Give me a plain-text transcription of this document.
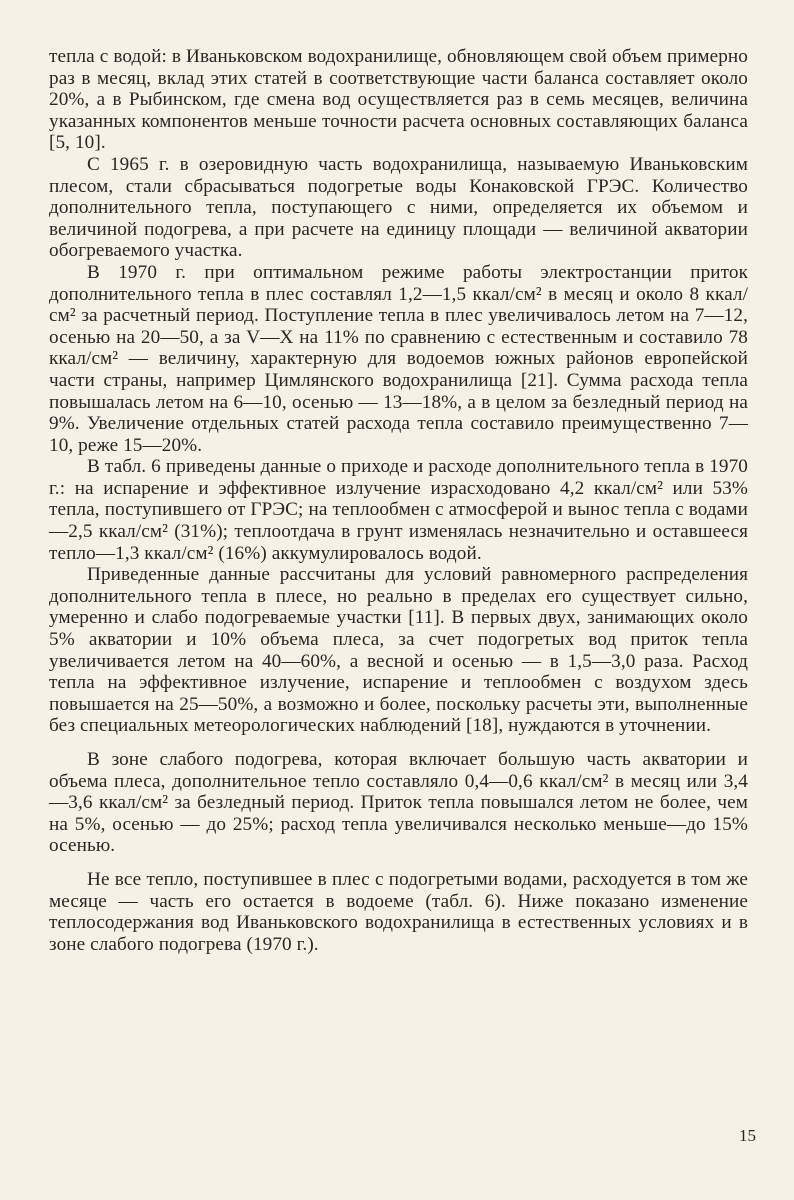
тепла с водой: в Иваньковском водохранилище, обновляющем свой объем примерно раз в месяц, вклад этих статей в соответствующие части баланса составляет около 20%, а в Рыбинском, где смена вод осуществляется раз в семь месяцев, величина указанных компонентов меньше точности расчета основных составляющих баланса [5, 10].

С 1965 г. в озеровидную часть водохранилища, называемую Иваньковским плесом, стали сбрасываться подогретые воды Конаковской ГРЭС. Количество дополнительного тепла, поступающего с ними, определяется их объемом и величиной подогрева, а при расчете на единицу площади — величиной акватории обогреваемого участка.

В 1970 г. при оптимальном режиме работы электростанции приток дополнительного тепла в плес составлял 1,2—1,5 ккал/см² в месяц и около 8 ккал/см² за расчетный период. Поступление тепла в плес увеличивалось летом на 7—12, осенью на 20—50, а за V—X на 11% по сравнению с естественным и составило 78 ккал/см² — величину, характерную для водоемов южных районов европейской части страны, например Цимлянского водохранилища [21]. Сумма расхода тепла повышалась летом на 6—10, осенью — 13—18%, а в целом за безледный период на 9%. Увеличение отдельных статей расхода тепла составило преимущественно 7—10, реже 15—20%.

В табл. 6 приведены данные о приходе и расходе дополнительного тепла в 1970 г.: на испарение и эффективное излучение израсходовано 4,2 ккал/см² или 53% тепла, поступившего от ГРЭС; на теплообмен с атмосферой и вынос тепла с водами—2,5 ккал/см² (31%); теплоотдача в грунт изменялась незначительно и оставшееся тепло—1,3 ккал/см² (16%) аккумулировалось водой.

Приведенные данные рассчитаны для условий равномерного распределения дополнительного тепла в плесе, но реально в пределах его существует сильно, умеренно и слабо подогреваемые участки [11]. В первых двух, занимающих около 5% акватории и 10% объема плеса, за счет подогретых вод приток тепла увеличивается летом на 40—60%, а весной и осенью — в 1,5—3,0 раза. Расход тепла на эффективное излучение, испарение и теплообмен с воздухом здесь повышается на 25—50%, а возможно и более, поскольку расчеты эти, выполненные без специальных метеорологических наблюдений [18], нуждаются в уточнении.

В зоне слабого подогрева, которая включает большую часть акватории и объема плеса, дополнительное тепло составляло 0,4—0,6 ккал/см² в месяц или 3,4—3,6 ккал/см² за безледный период. Приток тепла повышался летом не более, чем на 5%, осенью — до 25%; расход тепла увеличивался несколько меньше—до 15% осенью.

Не все тепло, поступившее в плес с подогретыми водами, расходуется в том же месяце — часть его остается в водоеме (табл. 6). Ниже показано изменение теплосодержания вод Иваньковского водохранилища в естественных условиях и в зоне слабого подогрева (1970 г.).

15
